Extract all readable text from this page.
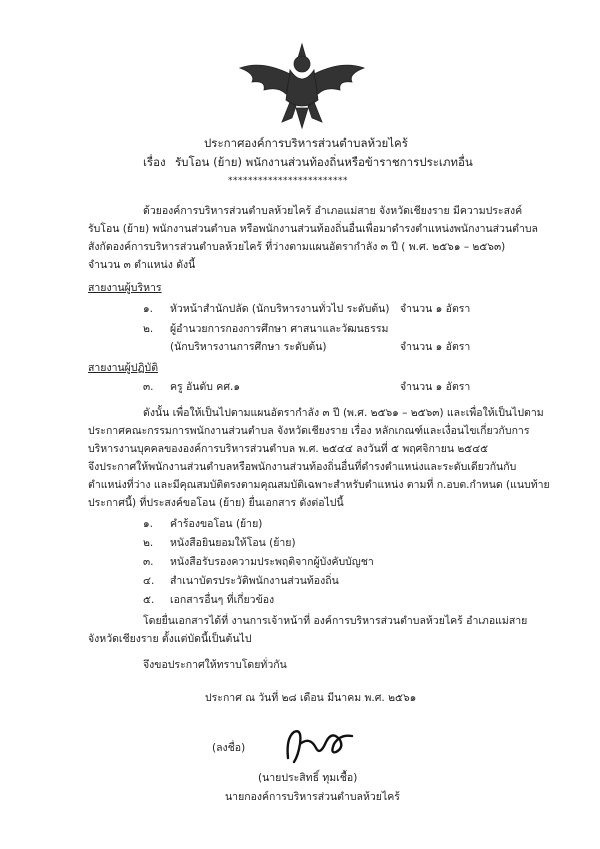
ประกาศองค์การบริหารส่วนตำบลห้วยไคร้
เรื่อง รับโอน (ย้าย) พนักงานส่วนท้องถิ่นหรือข้าราชการประเภทอื่น
************************
ด้วยองค์การบริหารส่วนตำบลห้วยไคร้ อำเภอแม่สาย จังหวัดเชียงราย มีความประสงค์
รับโอน (ย้าย) พนักงานส่วนตำบล หรือพนักงานส่วนท้องถิ่นอื่นเพื่อมาดำรงตำแหน่งพนักงานส่วนตำบล
สังกัดองค์การบริหารส่วนตำบลห้วยไคร้ ที่ว่างตามแผนอัตรากำลัง ๓ ปี ( พ.ศ. ๒๕๖๑ – ๒๕๖๓)
จำนวน ๓ ตำแหน่ง ดังนี้
สายงานผู้บริหาร
๑. หัวหน้าสำนักปลัด (นักบริหารงานทั่วไป ระดับต้น) จำนวน ๑ อัตรา
๒. ผู้อำนวยการกองการศึกษา ศาสนาและวัฒนธรรม
(นักบริหารงานการศึกษา ระดับต้น)	จำนวน ๑ อัตรา
สายงานผู้ปฏิบัติ
๓. ครู อันดับ คศ.๑	จำนวน ๑ อัตรา
ดังนั้น เพื่อให้เป็นไปตามแผนอัตรากำลัง ๓ ปี (พ.ศ. ๒๕๖๑ – ๒๕๖๓) และเพื่อให้เป็นไปตาม
ประกาศคณะกรรมการพนักงานส่วนตำบล จังหวัดเชียงราย เรื่อง หลักเกณฑ์และเงื่อนไขเกี่ยวกับการ
บริหารงานบุคคลขององค์การบริหารส่วนตำบล พ.ศ. ๒๕๔๔ ลงวันที่ ๕ พฤศจิกายน ๒๕๔๕
จึงประกาศให้พนักงานส่วนตำบลหรือพนักงานส่วนท้องถิ่นอื่นที่ดำรงตำแหน่งและระดับเดียวกันกับ
ตำแหน่งที่ว่าง และมีคุณสมบัติตรงตามคุณสมบัติเฉพาะสำหรับตำแหน่ง ตามที่ ก.อบต.กำหนด (แนบท้าย
ประกาศนี้) ที่ประสงค์ขอโอน (ย้าย) ยื่นเอกสาร ดังต่อไปนี้
๑. คำร้องขอโอน (ย้าย)
๒. หนังสือยินยอมให้โอน (ย้าย)
๓. หนังสือรับรองความประพฤติจากผู้บังคับบัญชา
๔. สำเนาบัตรประวัติพนักงานส่วนท้องถิ่น
๕. เอกสารอื่นๆ ที่เกี่ยวข้อง
โดยยื่นเอกสารได้ที่ งานการเจ้าหน้าที่ องค์การบริหารส่วนตำบลห้วยไคร้ อำเภอแม่สาย
จังหวัดเชียงราย ตั้งแต่บัดนี้เป็นต้นไป
จึงขอประกาศให้ทราบโดยทั่วกัน
ประกาศ ณ วันที่ ๒๘ เดือน มีนาคม พ.ศ. ๒๕๖๑
(ลงชื่อ)
(นายประสิทธิ์ ทุมเชื้อ)
นายกองค์การบริหารส่วนตำบลห้วยไคร้
